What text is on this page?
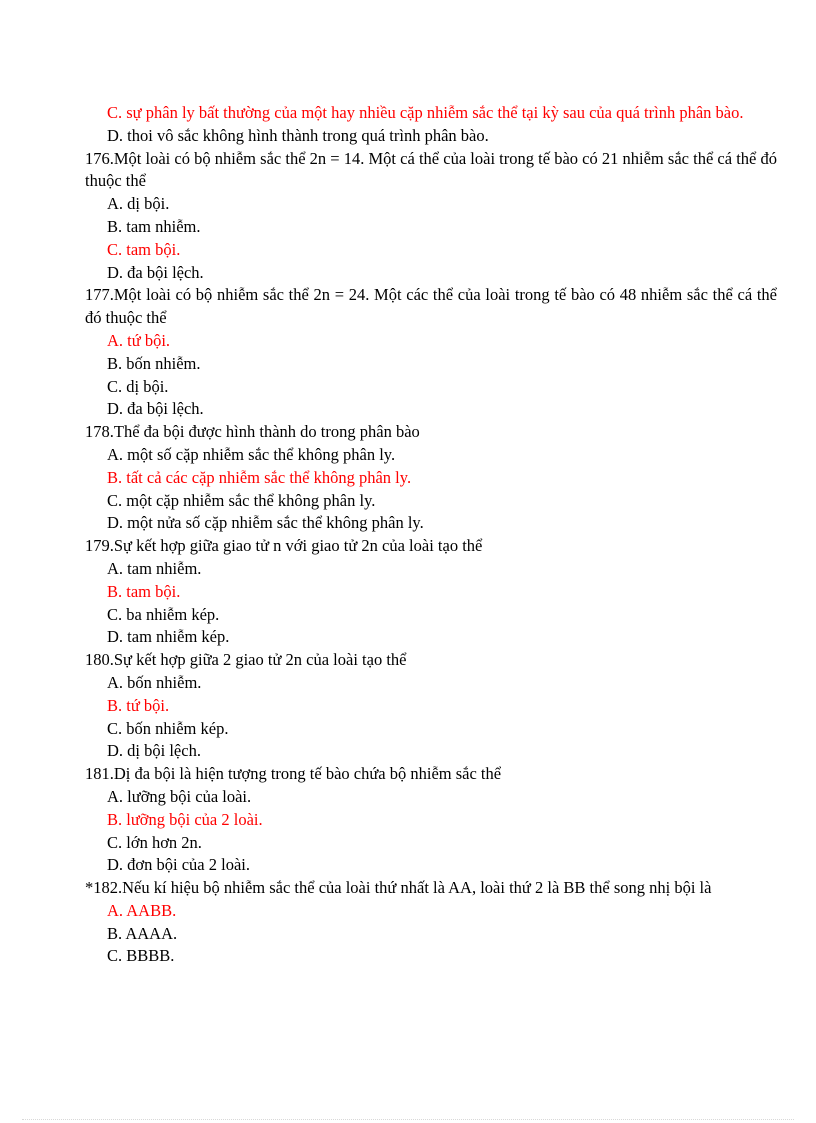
C. sự phân ly bất thường của một hay nhiều cặp nhiễm sắc thể tại kỳ sau của quá trình phân bào.

D. thoi vô sắc không hình thành trong quá trình phân bào.

176.Một loài có bộ nhiễm sắc thể 2n = 14. Một cá thể của loài trong tế bào có 21 nhiễm sắc thể cá thể đó thuộc thể

A. dị bội.

B. tam nhiễm.

C. tam bội.

D. đa bội lệch.

177.Một loài có bộ nhiễm sắc thể 2n = 24. Một các thể của loài trong tế bào có 48 nhiễm sắc thể cá thể đó thuộc thể

A. tứ bội.

B. bốn nhiễm.

C. dị bội.

D. đa bội lệch.

178.Thể đa bội được hình thành do trong phân bào

A. một số cặp nhiễm sắc thể không phân ly.

B. tất cả các cặp nhiễm sắc thể không phân ly.

C. một cặp nhiễm sắc thể không phân ly.

D. một nửa số cặp nhiễm sắc thể không phân ly.

179.Sự kết hợp giữa giao tử n với giao tử 2n của loài tạo thể

A. tam nhiễm.

B. tam bội.

C. ba nhiễm kép.

D. tam nhiễm kép.

180.Sự kết hợp giữa 2 giao tử 2n của loài tạo thể

A. bốn nhiễm.

B. tứ bội.

C. bốn nhiễm kép.

D. dị bội lệch.

181.Dị đa bội là hiện tượng trong tế bào chứa bộ nhiễm sắc thể

A. lưỡng bội của loài.

B. lưỡng bội của 2 loài.

C. lớn hơn 2n.

D. đơn bội của 2 loài.

*182.Nếu kí hiệu bộ nhiễm sắc thể của loài thứ nhất là AA, loài thứ 2 là BB thể song nhị bội là

A. AABB.

B. AAAA.

C. BBBB.
